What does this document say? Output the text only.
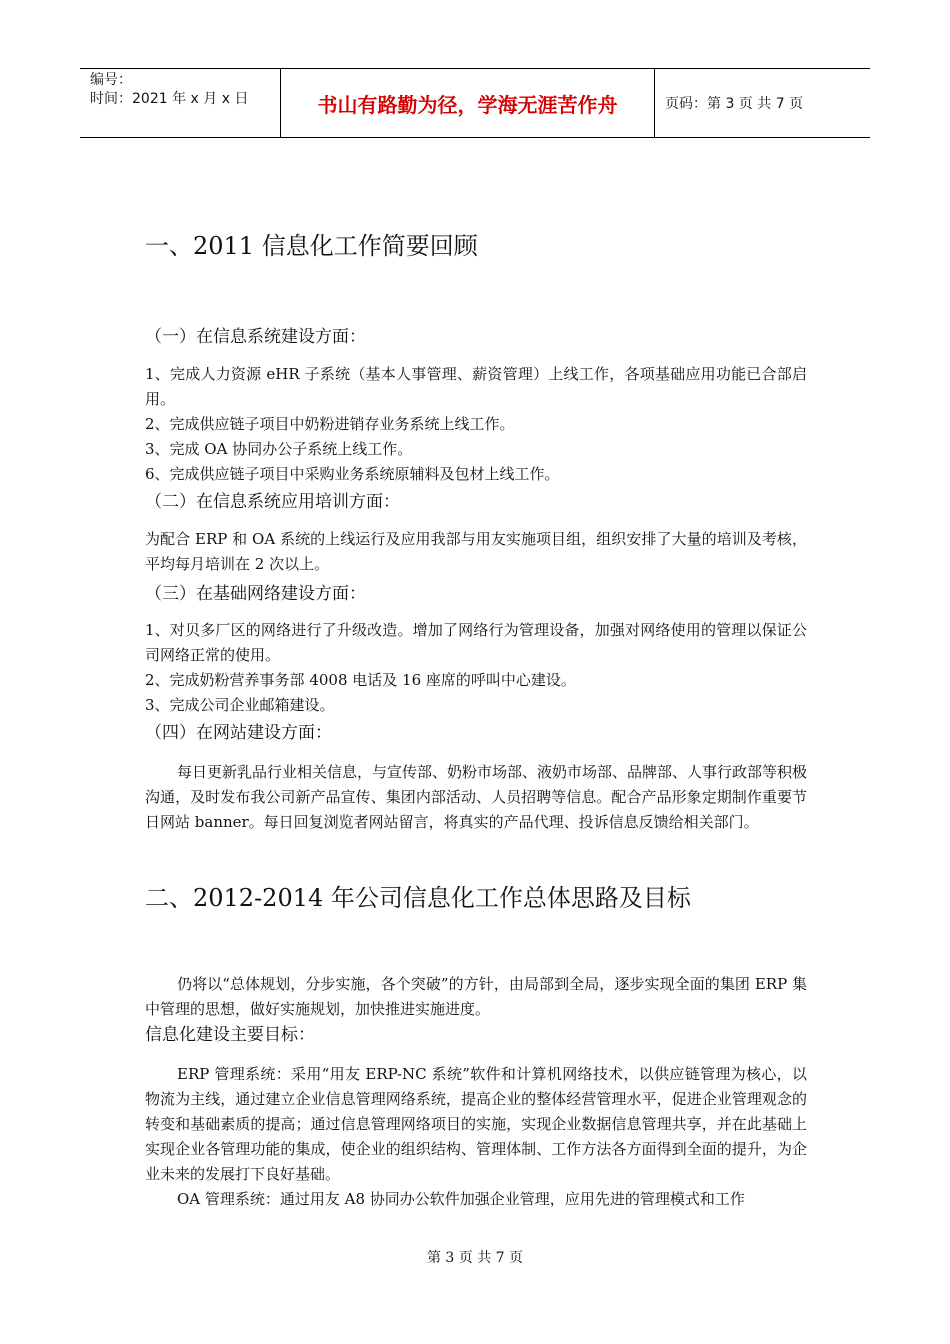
编号：
时间：2021 年 x 月 x 日	书山有路勤为径，学海无涯苦作舟	页码：第 3 页 共 7 页
一、2011 信息化工作简要回顾
（一）在信息系统建设方面：

1、完成人力资源 eHR 子系统（基本人事管理、薪资管理）上线工作，各项基础应用功能已合部启用。

2、完成供应链子项目中奶粉进销存业务系统上线工作。

3、完成 OA 协同办公子系统上线工作。

6、完成供应链子项目中采购业务系统原辅料及包材上线工作。

（二）在信息系统应用培训方面：

为配合 ERP 和 OA 系统的上线运行及应用我部与用友实施项目组，组织安排了大量的培训及考核，平均每月培训在 2 次以上。

（三）在基础网络建设方面：

1、对贝多厂区的网络进行了升级改造。增加了网络行为管理设备，加强对网络使用的管理以保证公司网络正常的使用。

2、完成奶粉营养事务部 4008 电话及 16 座席的呼叫中心建设。

3、完成公司企业邮箱建设。

（四）在网站建设方面：

每日更新乳品行业相关信息，与宣传部、奶粉市场部、液奶市场部、品牌部、人事行政部等积极沟通，及时发布我公司新产品宣传、集团内部活动、人员招聘等信息。配合产品形象定期制作重要节日网站 banner。每日回复浏览者网站留言，将真实的产品代理、投诉信息反馈给相关部门。

二、2012-2014 年公司信息化工作总体思路及目标

仍将以“总体规划，分步实施，各个突破”的方针，由局部到全局，逐步实现全面的集团 ERP 集中管理的思想，做好实施规划，加快推进实施进度。

信息化建设主要目标：

ERP 管理系统：采用“用友 ERP-NC 系统”软件和计算机网络技术，以供应链管理为核心，以物流为主线，通过建立企业信息管理网络系统，提高企业的整体经营管理水平，促进企业管理观念的转变和基础素质的提高；通过信息管理网络项目的实施，实现企业数据信息管理共享，并在此基础上实现企业各管理功能的集成，使企业的组织结构、管理体制、工作方法各方面得到全面的提升，为企业未来的发展打下良好基础。

OA 管理系统：通过用友 A8 协同办公软件加强企业管理，应用先进的管理模式和工作

第 3 页 共 7 页
